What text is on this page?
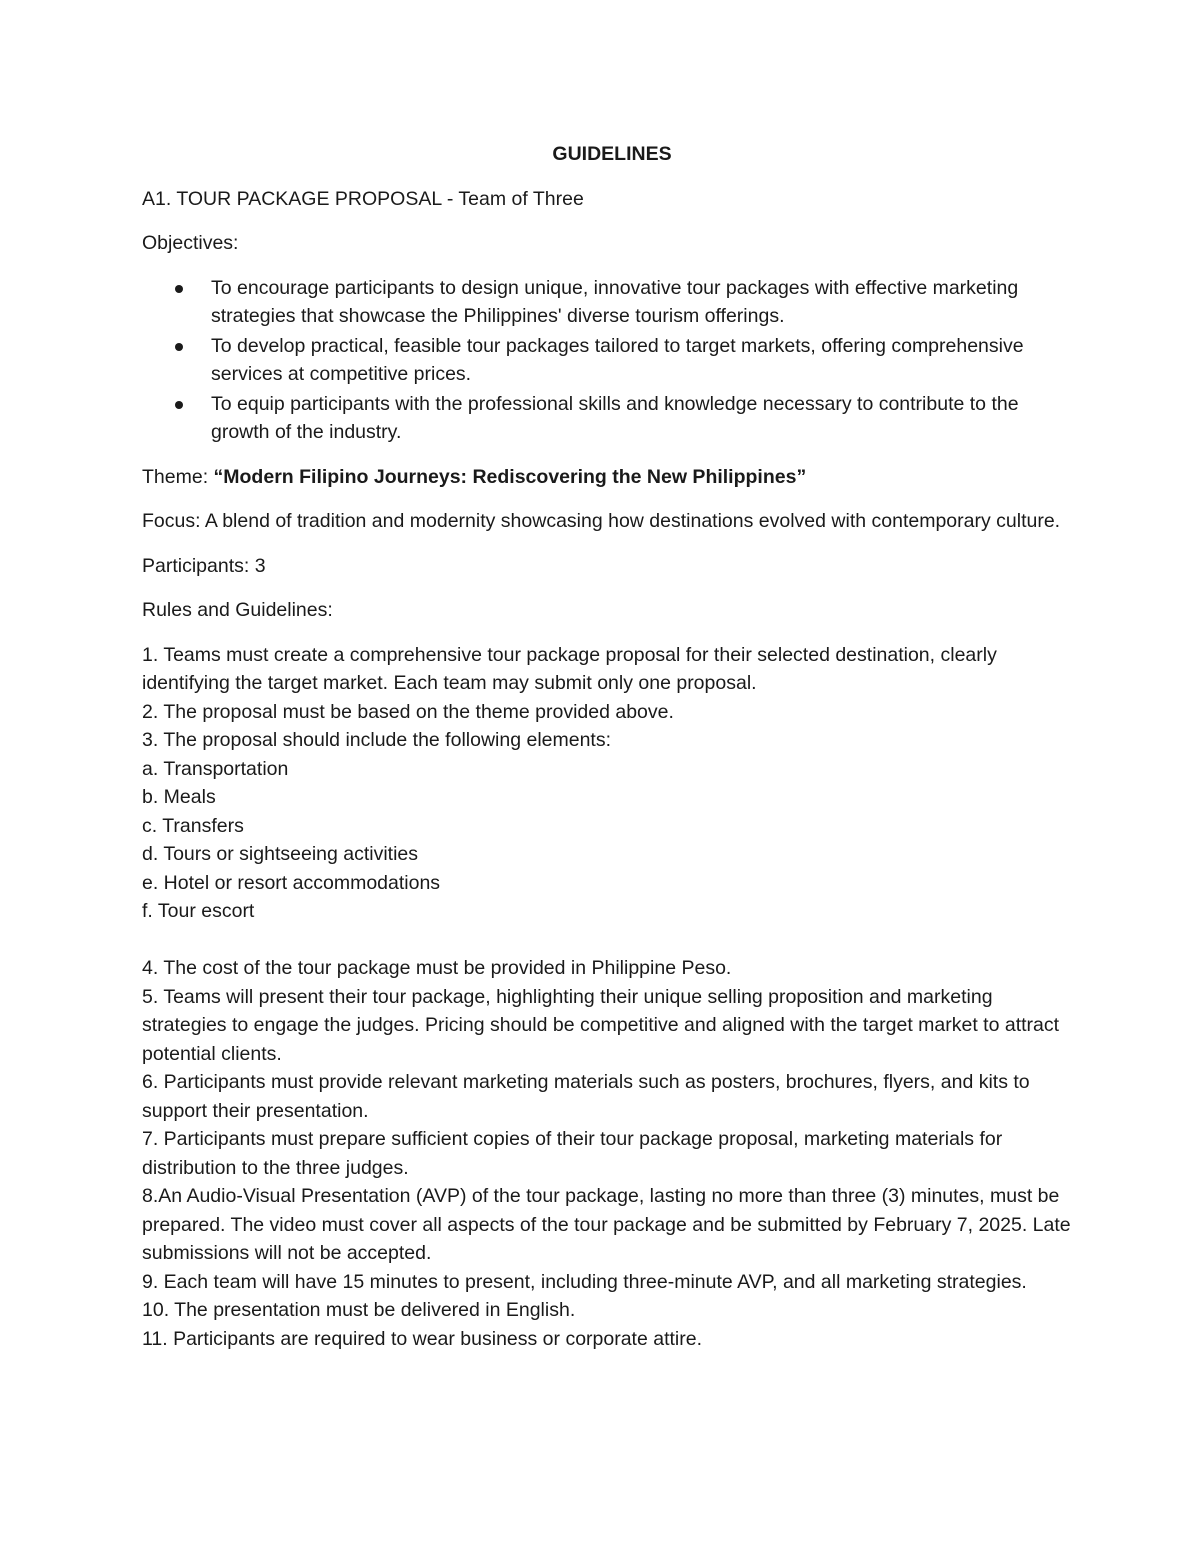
GUIDELINES

A1. TOUR PACKAGE PROPOSAL - Team of Three

Objectives:

To encourage participants to design unique, innovative tour packages with effective marketing strategies that showcase the Philippines' diverse tourism offerings.
To develop practical, feasible tour packages tailored to target markets, offering comprehensive services at competitive prices.
To equip participants with the professional skills and knowledge necessary to contribute to the growth of the industry.

Theme: “Modern Filipino Journeys: Rediscovering the New Philippines”

Focus: A blend of tradition and modernity showcasing how destinations evolved with contemporary culture.

Participants: 3

Rules and Guidelines:

1. Teams must create a comprehensive tour package proposal for their selected destination, clearly identifying the target market. Each team may submit only one proposal.

2. The proposal must be based on the theme provided above.

3. The proposal should include the following elements:

a. Transportation

b. Meals

c. Transfers

d. Tours or sightseeing activities

e. Hotel or resort accommodations

f. Tour escort

4. The cost of the tour package must be provided in Philippine Peso.

5. Teams will present their tour package, highlighting their unique selling proposition and marketing strategies to engage the judges. Pricing should be competitive and aligned with the target market to attract potential clients.

6. Participants must provide relevant marketing materials such as posters, brochures, flyers, and kits to support their presentation.

7. Participants must prepare sufficient copies of their tour package proposal, marketing materials for distribution to the three judges.

8.An Audio-Visual Presentation (AVP) of the tour package, lasting no more than three (3) minutes, must be prepared. The video must cover all aspects of the tour package and be submitted by February 7, 2025. Late submissions will not be accepted.

9. Each team will have 15 minutes to present, including three-minute AVP, and all marketing strategies.

10. The presentation must be delivered in English.

11. Participants are required to wear business or corporate attire.
